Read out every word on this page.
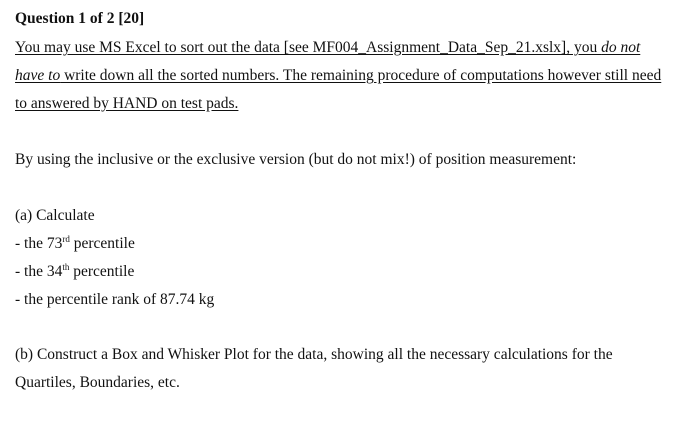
Question 1 of 2 [20]
You may use MS Excel to sort out the data [see MF004_Assignment_Data_Sep_21.xslx], you do not
have to write down all the sorted numbers. The remaining procedure of computations however still need
to answered by HAND on test pads.
By using the inclusive or the exclusive version (but do not mix!) of position measurement:
(a) Calculate
- the 73rd percentile
- the 34th percentile
- the percentile rank of 87.74 kg
(b) Construct a Box and Whisker Plot for the data, showing all the necessary calculations for the
Quartiles, Boundaries, etc.
